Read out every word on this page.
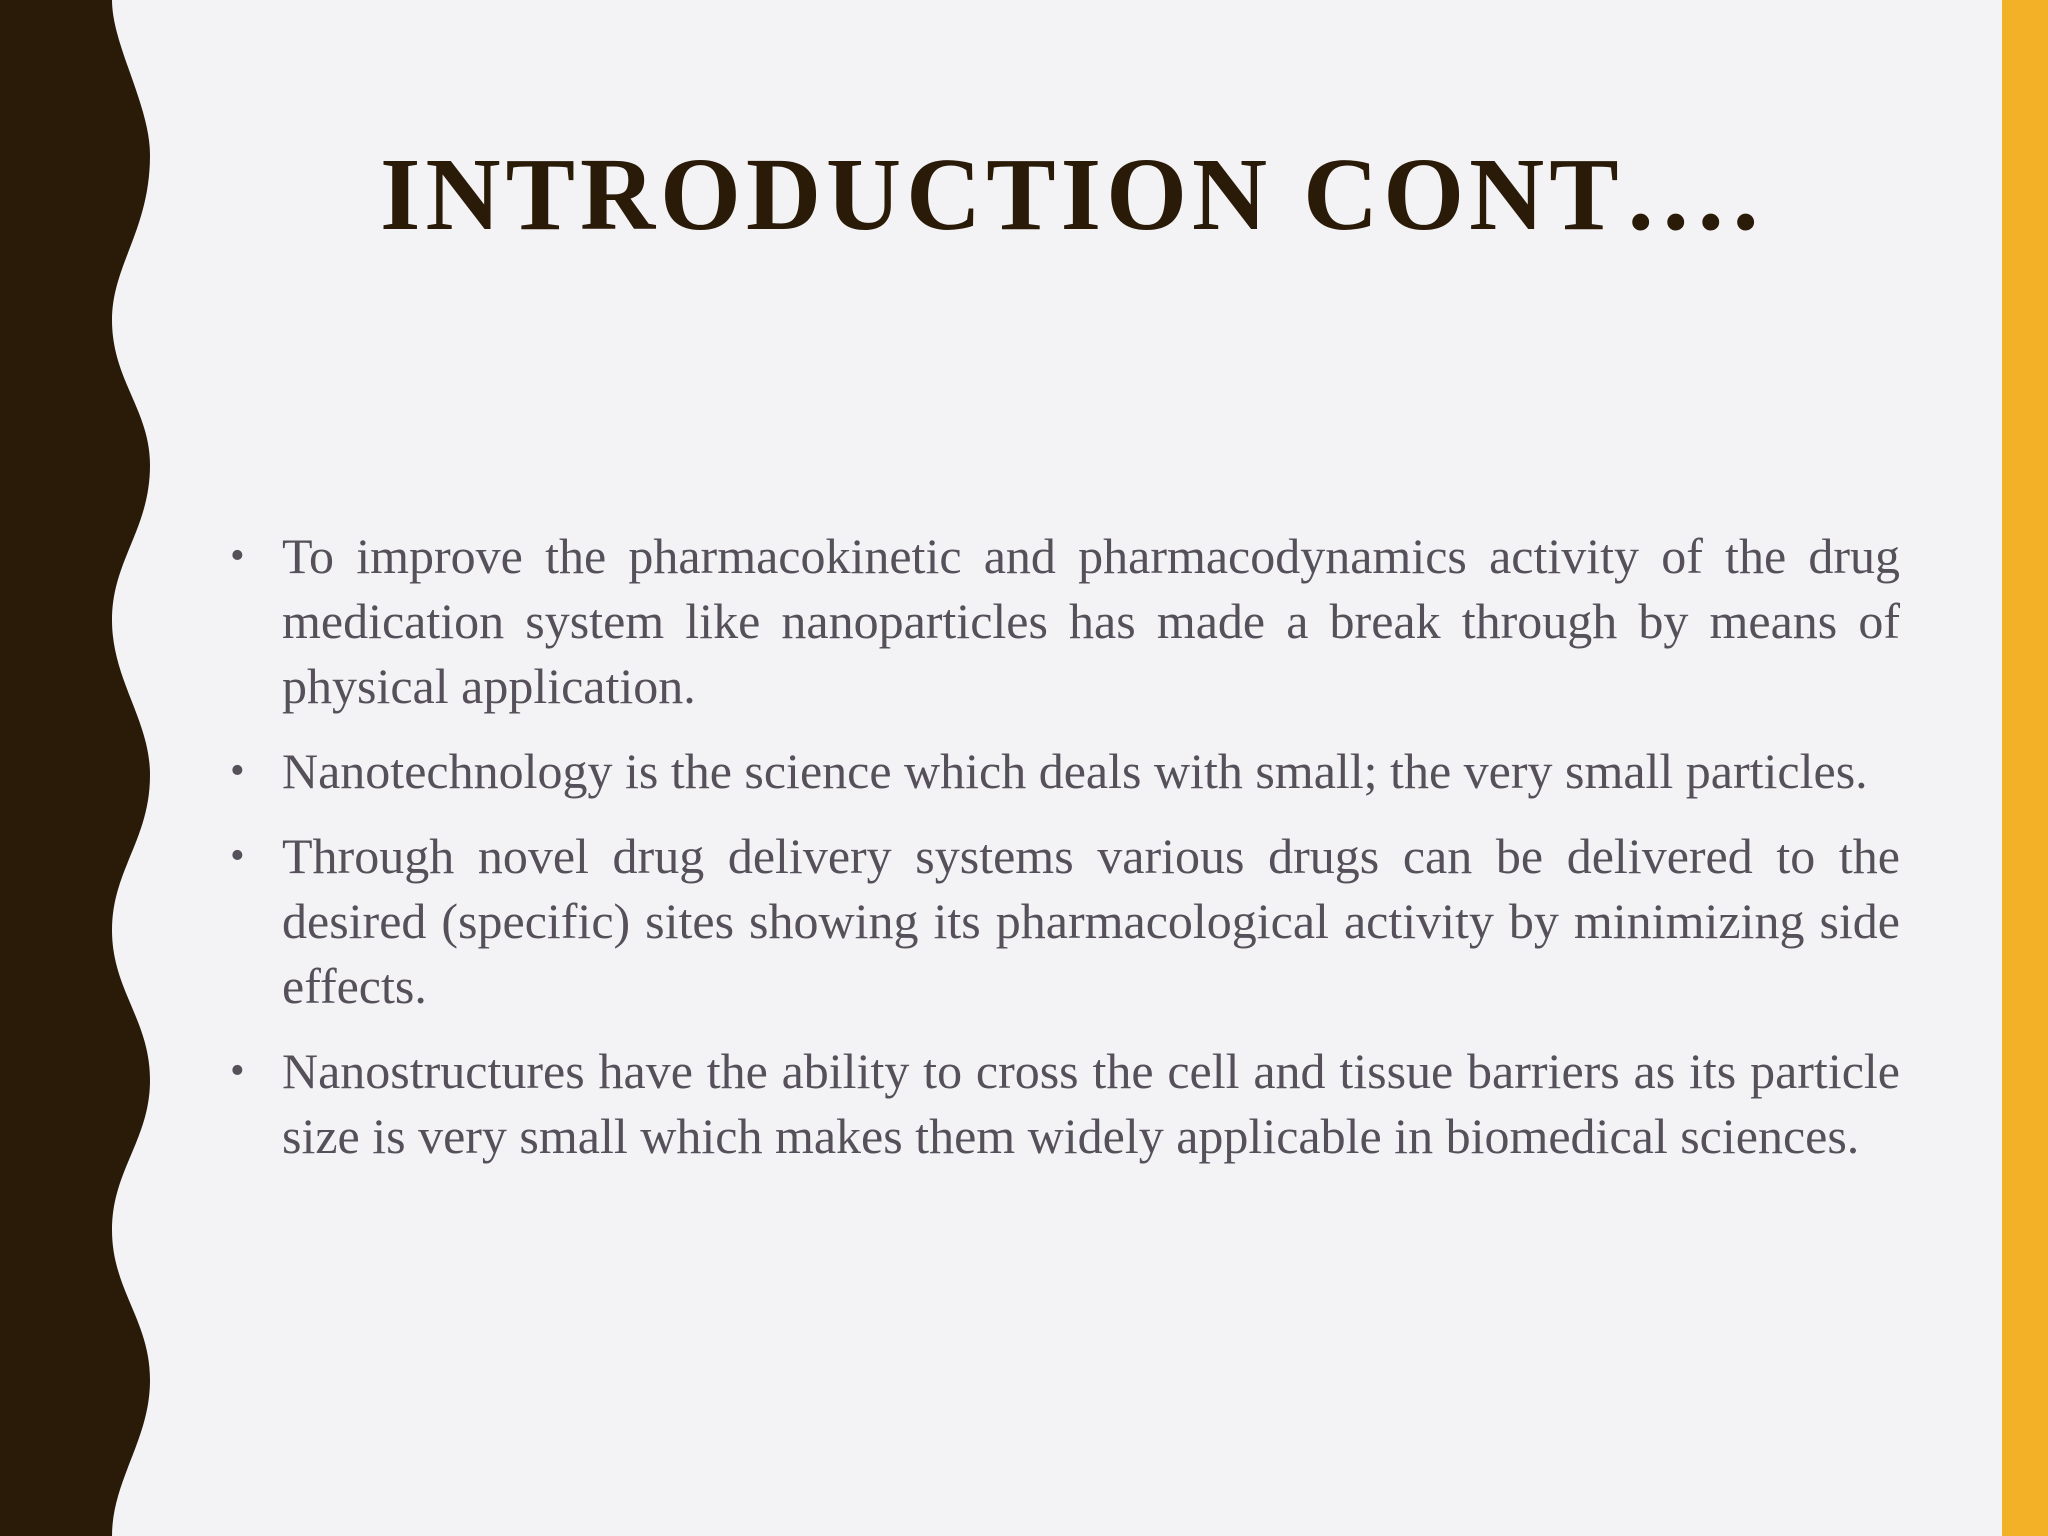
INTRODUCTION CONT….
• To improve the pharmacokinetic and pharmacodynamics activity of the drug medication system like nanoparticles has made a break through by means of physical application.
• Nanotechnology is the science which deals with small; the very small particles.
• Through novel drug delivery systems various drugs can be delivered to the desired (specific) sites showing its pharmacological activity by minimizing side effects.
• Nanostructures have the ability to cross the cell and tissue barriers as its particle size is very small which makes them widely applicable in biomedical sciences.
